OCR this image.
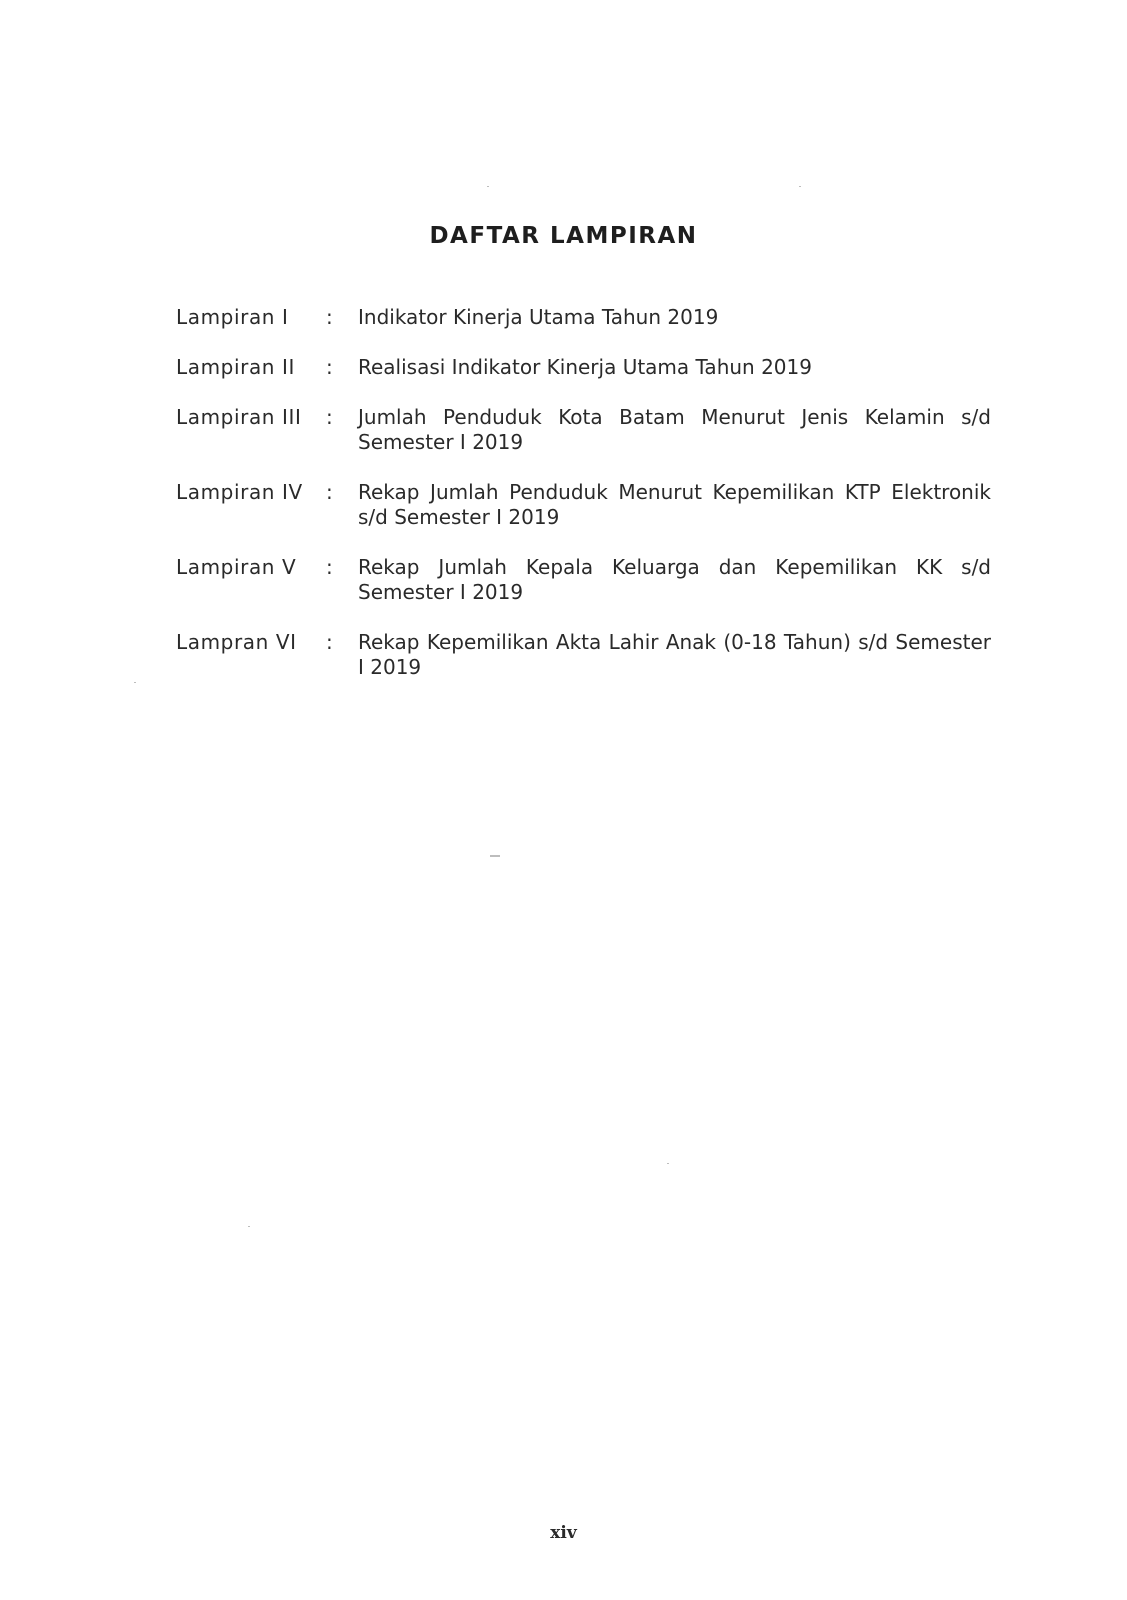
DAFTAR LAMPIRAN
Lampiran I	:	Indikator Kinerja Utama Tahun 2019
Lampiran II	:	Realisasi Indikator Kinerja Utama Tahun 2019
Lampiran III	:	Jumlah Penduduk Kota Batam Menurut Jenis Kelamin s/d Semester I 2019
Lampiran IV	:	Rekap Jumlah Penduduk Menurut Kepemilikan KTP Elektronik s/d Semester I 2019
Lampiran V	:	Rekap Jumlah Kepala Keluarga dan Kepemilikan KK s/d Semester I 2019
Lampran VI	:	Rekap Kepemilikan Akta Lahir Anak (0-18 Tahun) s/d Semester I 2019
xiv
